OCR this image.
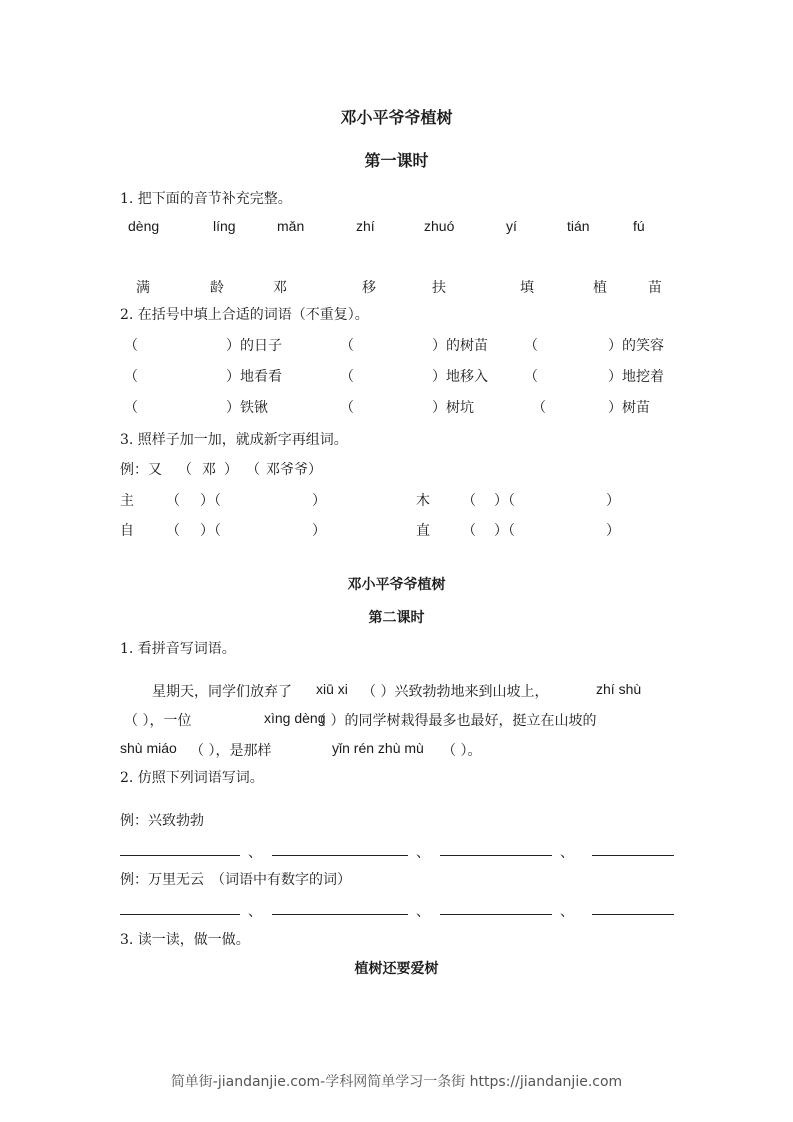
邓小平爷爷植树
第一课时
1. 把下面的音节补充完整。
dèng	líng	mǎn	zhí	zhuó	yí	tián	fú
满	龄	邓	移	扶	填	植	苗
2. 在括号中填上合适的词语（不重复）。
（	）的日子	（	）的树苗	（	）的笑容
（	）地看看	（	）地移入	（	）地挖着
（	）铁锹	（	）树坑	（	）树苗
3. 照样子加一加，就成新字再组词。
例：又 （ 邓 ） （ 邓爷爷）
主 （ ）（	）	木 （ ）（	）
自 （ ）（	）	直 （ ）（	）
邓小平爷爷植树
第二课时
1. 看拼音写词语。
星期天，同学们放弃了 xiū xi （ ）兴致勃勃地来到山坡上，	zhí shù
（ ），一位	xìng dèng
（ ）的同学树栽得最多也最好，挺立在山坡的
shù miáo （ ），是那样	yǐn rén zhù mù （ ）。
2. 仿照下列词语写词。
例：兴致勃勃
、	、	、
例：万里无云　（词语中有数字的词）
、	、	、
3. 读一读，做一做。
植树还要爱树
简单街-jiandanjie.com-学科网简单学习一条街 https://jiandanjie.com
